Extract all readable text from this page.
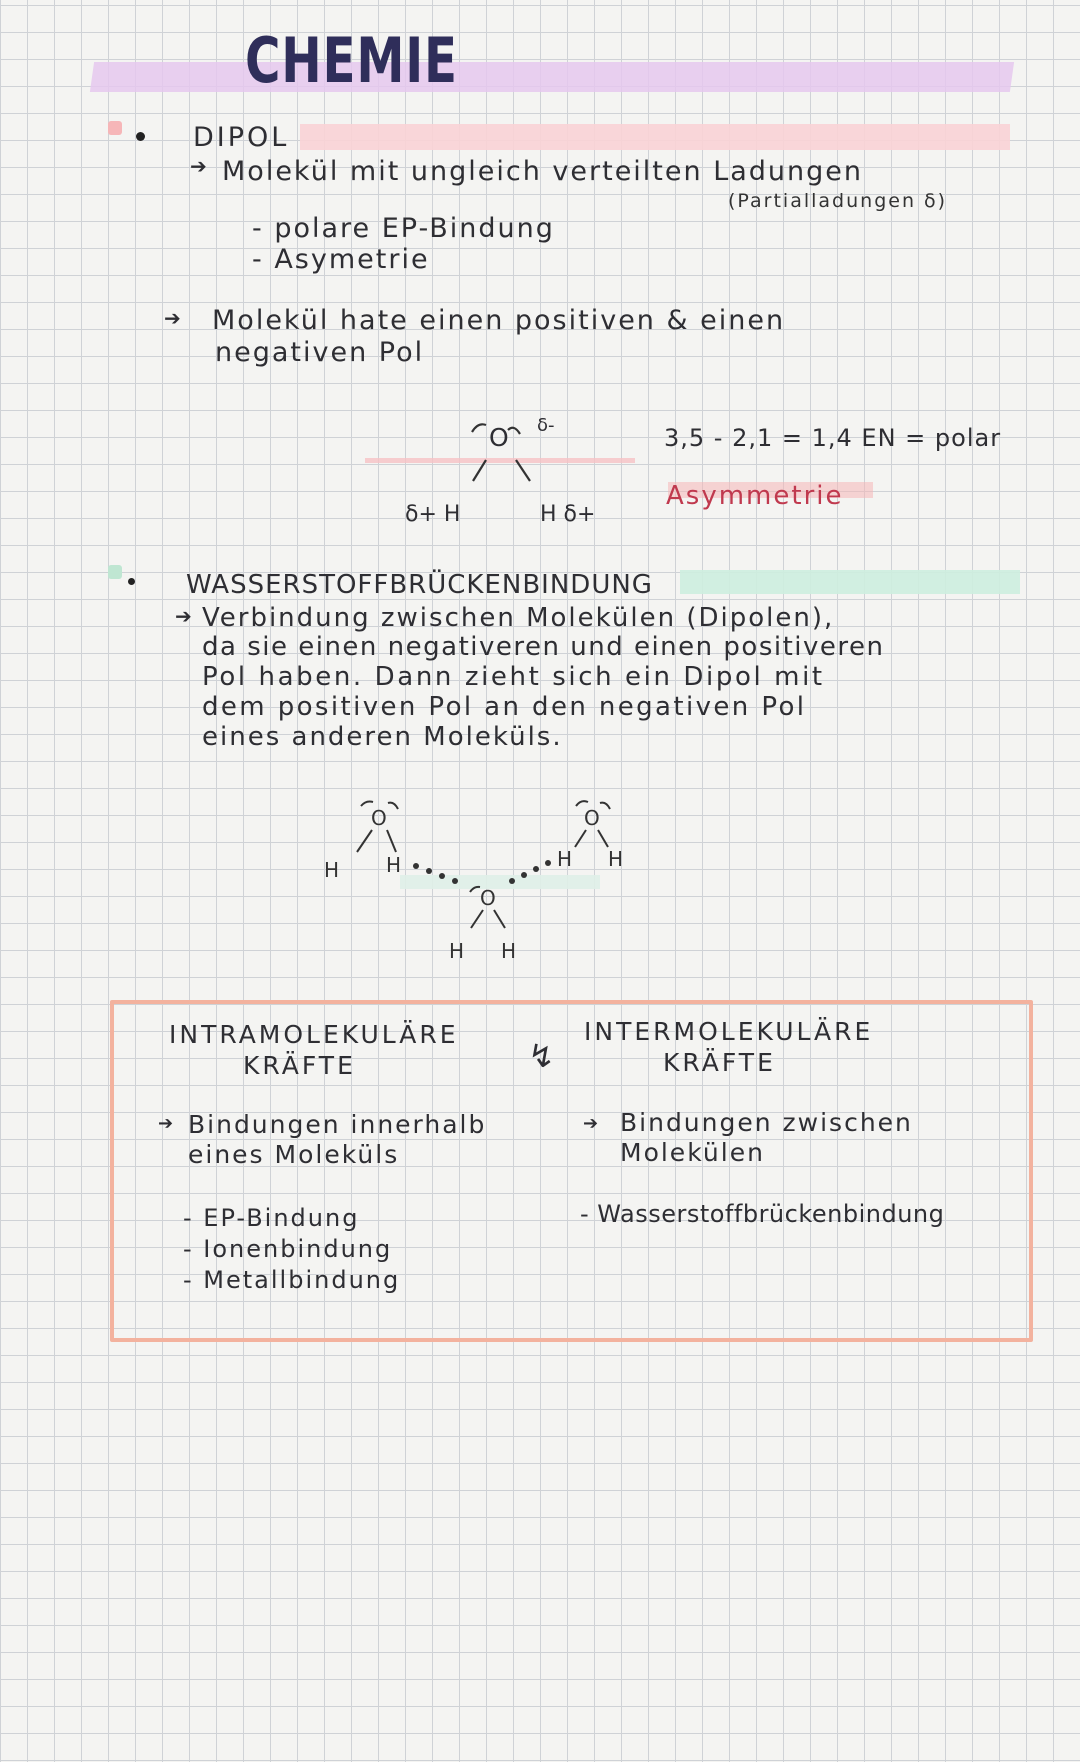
CHEMIE
DIPOL
➔ Molekül mit ungleich verteilten Ladungen
(Partialladungen δ)
- polare EP-Bindung
- Asymetrie
➔ Molekül hate einen positiven & einen
negativen Pol
O δ-
δ+ H	H δ+
3,5 - 2,1 = 1,4 EN = polar
Asymmetrie
WASSERSTOFFBRÜCKENBINDUNG
➔ Verbindung zwischen Molekülen (Dipolen),
da sie einen negativeren und einen positiveren
Pol haben. Dann zieht sich ein Dipol mit
dem positiven Pol an den negativen Pol
eines anderen Moleküls.
O
H H
O
H H
O
H H
INTRAMOLEKULÄRE
KRÄFTE	↯
INTERMOLEKULÄRE
KRÄFTE
➔ Bindungen innerhalb
eines Moleküls
➔ Bindungen zwischen
Molekülen
- EP-Bindung
- Ionenbindung
- Metallbindung
- Wasserstoffbrückenbindung
